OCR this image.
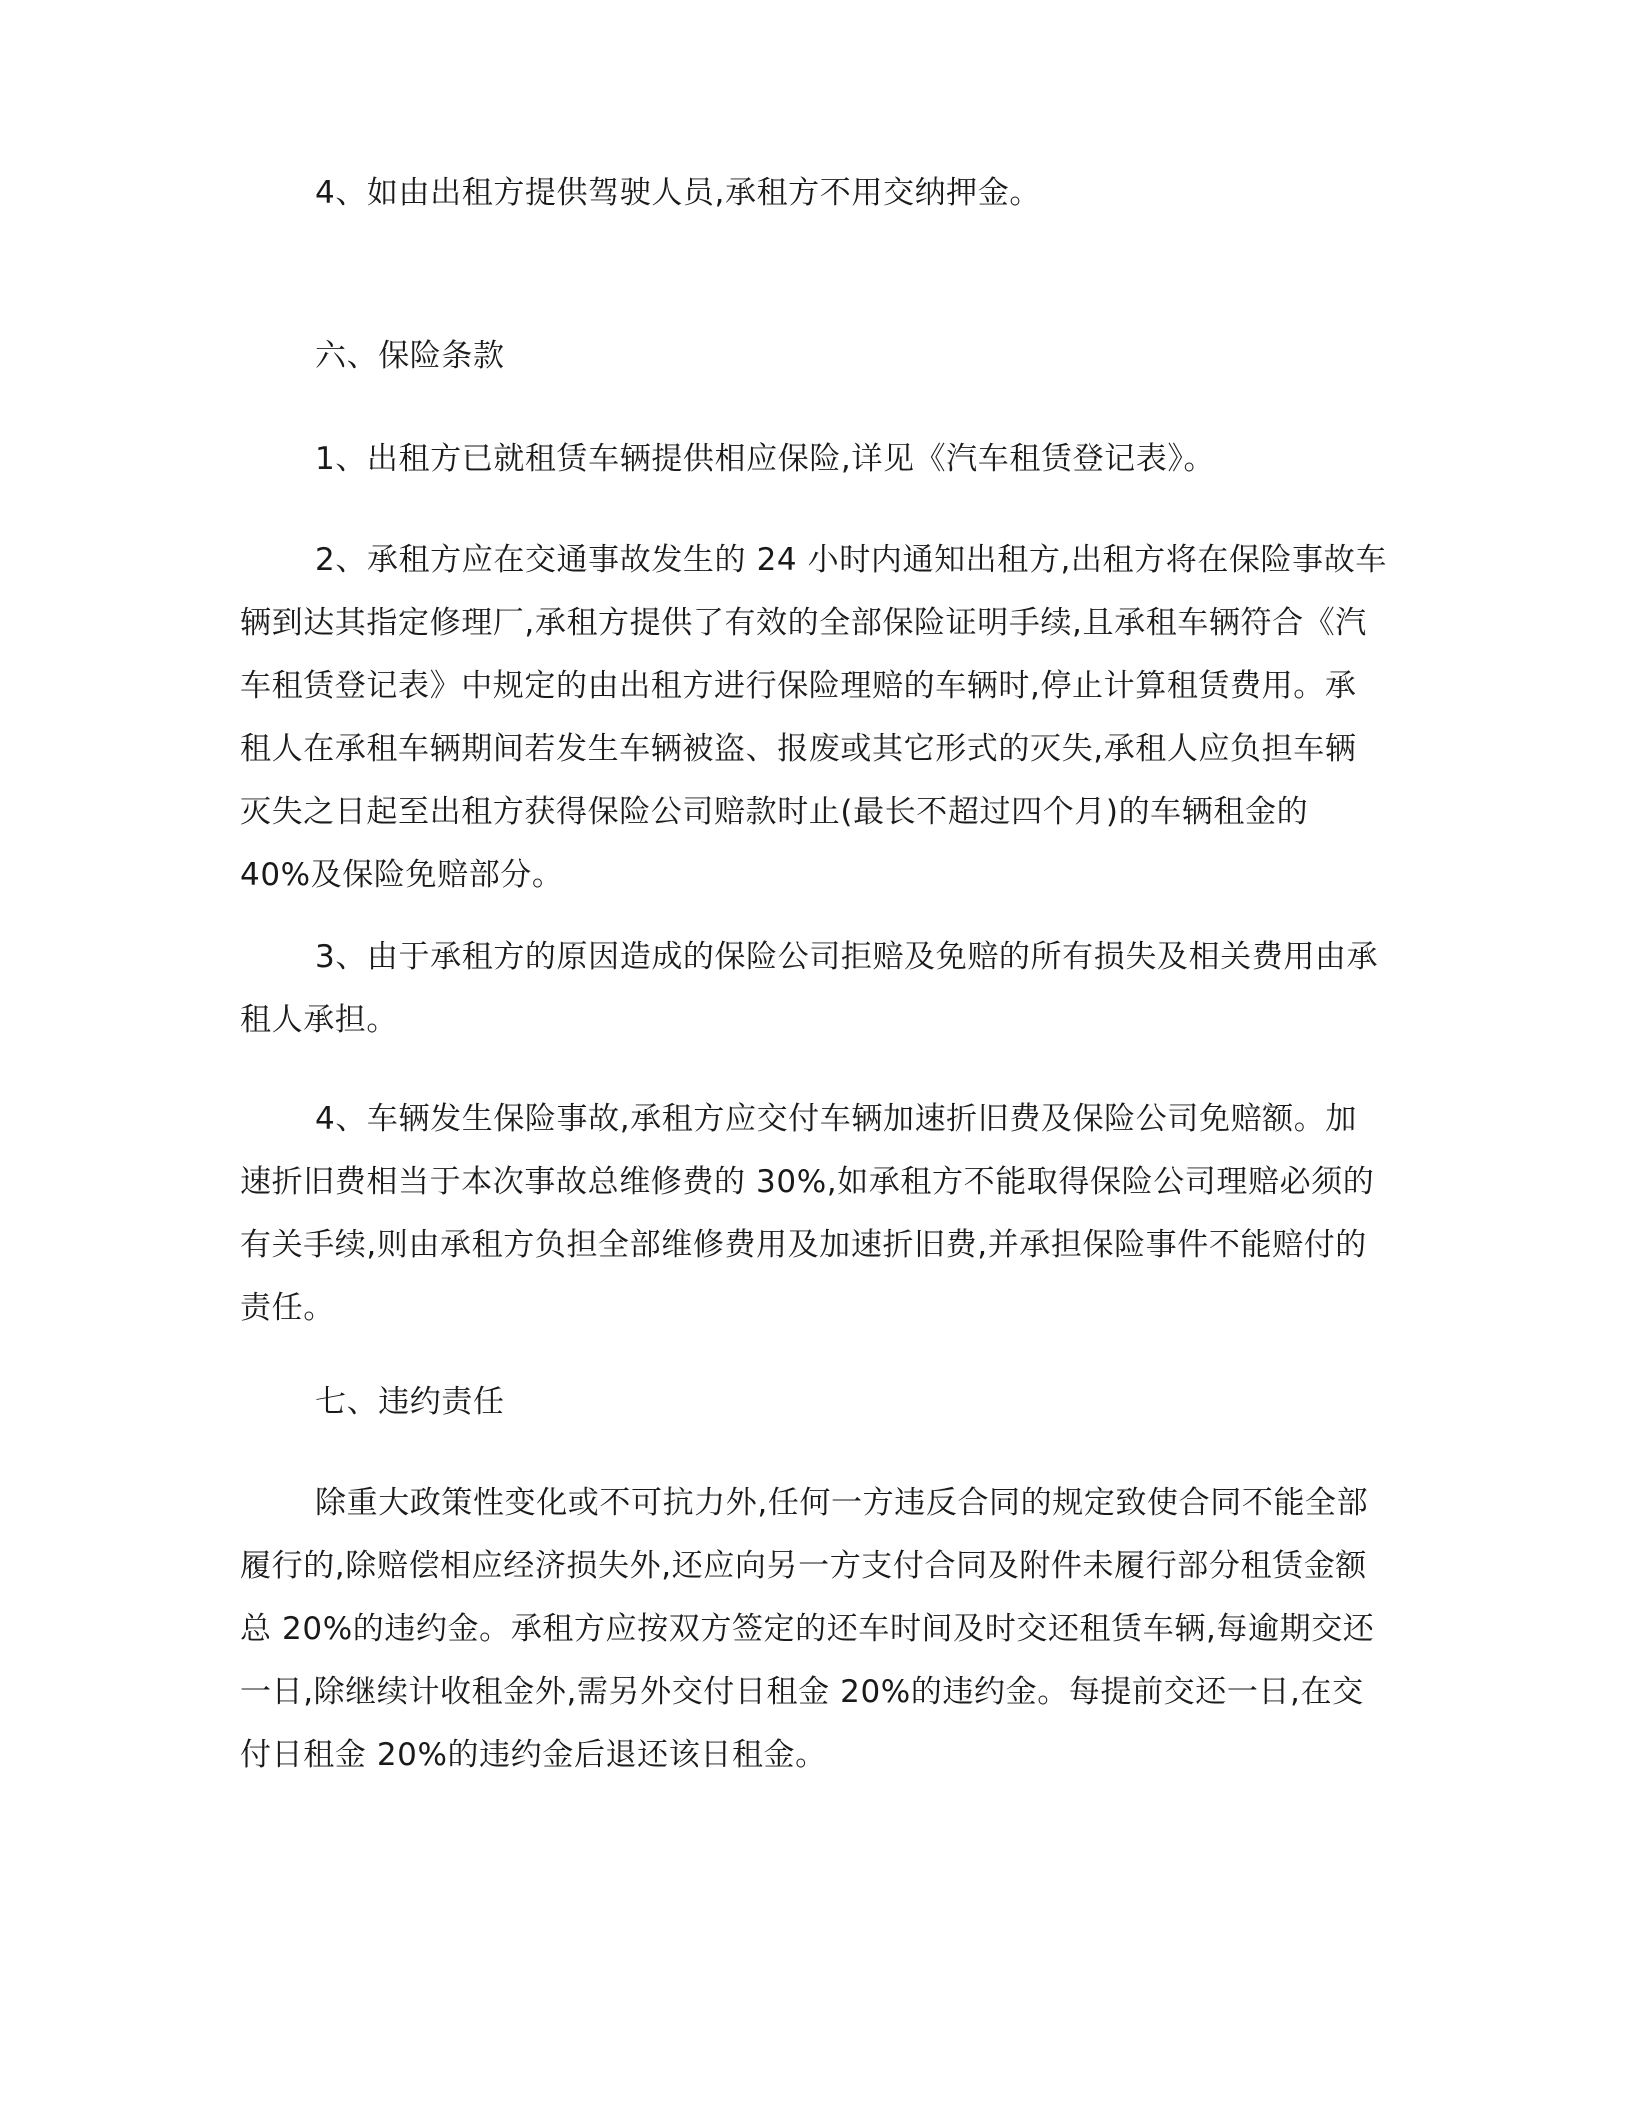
4、如由出租方提供驾驶人员,承租方不用交纳押金。

六、保险条款

1、出租方已就租赁车辆提供相应保险,详见《汽车租赁登记表》。

2、承租方应在交通事故发生的 24 小时内通知出租方,出租方将在保险事故车
辆到达其指定修理厂,承租方提供了有效的全部保险证明手续,且承租车辆符合《汽
车租赁登记表》中规定的由出租方进行保险理赔的车辆时,停止计算租赁费用。承
租人在承租车辆期间若发生车辆被盗、报废或其它形式的灭失,承租人应负担车辆
灭失之日起至出租方获得保险公司赔款时止(最长不超过四个月)的车辆租金的
40%及保险免赔部分。

3、由于承租方的原因造成的保险公司拒赔及免赔的所有损失及相关费用由承
租人承担。

4、车辆发生保险事故,承租方应交付车辆加速折旧费及保险公司免赔额。加
速折旧费相当于本次事故总维修费的 30%,如承租方不能取得保险公司理赔必须的
有关手续,则由承租方负担全部维修费用及加速折旧费,并承担保险事件不能赔付的
责任。

七、违约责任

除重大政策性变化或不可抗力外,任何一方违反合同的规定致使合同不能全部
履行的,除赔偿相应经济损失外,还应向另一方支付合同及附件未履行部分租赁金额
总 20%的违约金。承租方应按双方签定的还车时间及时交还租赁车辆,每逾期交还
一日,除继续计收租金外,需另外交付日租金 20%的违约金。每提前交还一日,在交
付日租金 20%的违约金后退还该日租金。
